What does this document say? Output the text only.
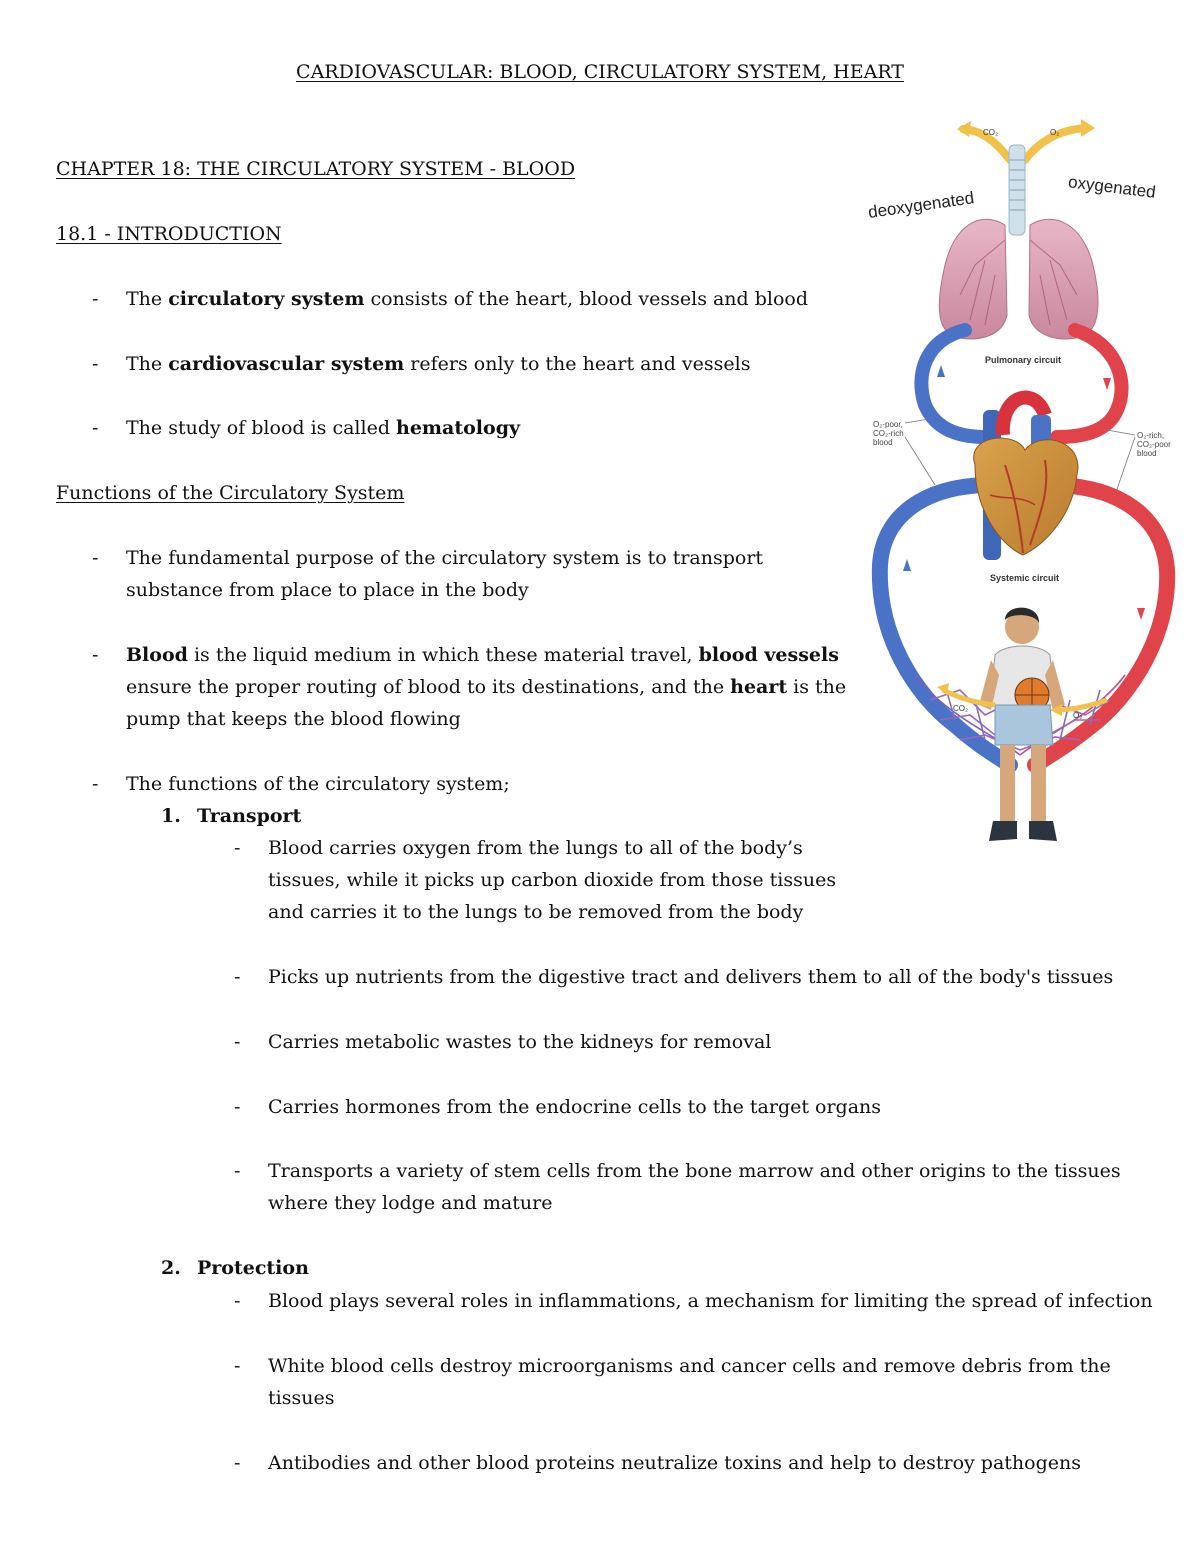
CARDIOVASCULAR: BLOOD, CIRCULATORY SYSTEM, HEART
CHAPTER 18: THE CIRCULATORY SYSTEM - BLOOD
18.1 - INTRODUCTION
- The circulatory system consists of the heart, blood vessels and blood
- The cardiovascular system refers only to the heart and vessels
- The study of blood is called hematology
Functions of the Circulatory System
- The fundamental purpose of the circulatory system is to transport
substance from place to place in the body
- Blood is the liquid medium in which these material travel, blood vessels
ensure the proper routing of blood to its destinations, and the heart is the
pump that keeps the blood flowing
- The functions of the circulatory system;
1. Transport
- Blood carries oxygen from the lungs to all of the body’s
tissues, while it picks up carbon dioxide from those tissues
and carries it to the lungs to be removed from the body
- Picks up nutrients from the digestive tract and delivers them to all of the body's tissues
- Carries metabolic wastes to the kidneys for removal
- Carries hormones from the endocrine cells to the target organs
- Transports a variety of stem cells from the bone marrow and other origins to the tissues
where they lodge and mature
2. Protection
- Blood plays several roles in inflammations, a mechanism for limiting the spread of infection
- White blood cells destroy microorganisms and cancer cells and remove debris from the
tissues
- Antibodies and other blood proteins neutralize toxins and help to destroy pathogens
CO₂	O₂
deoxygenated
oxygenated
Pulmonary circuit
O₂-poor,
CO₂-rich
blood
O₂-rich,
CO₂-poor
blood
Systemic circuit
CO₂
O₂
